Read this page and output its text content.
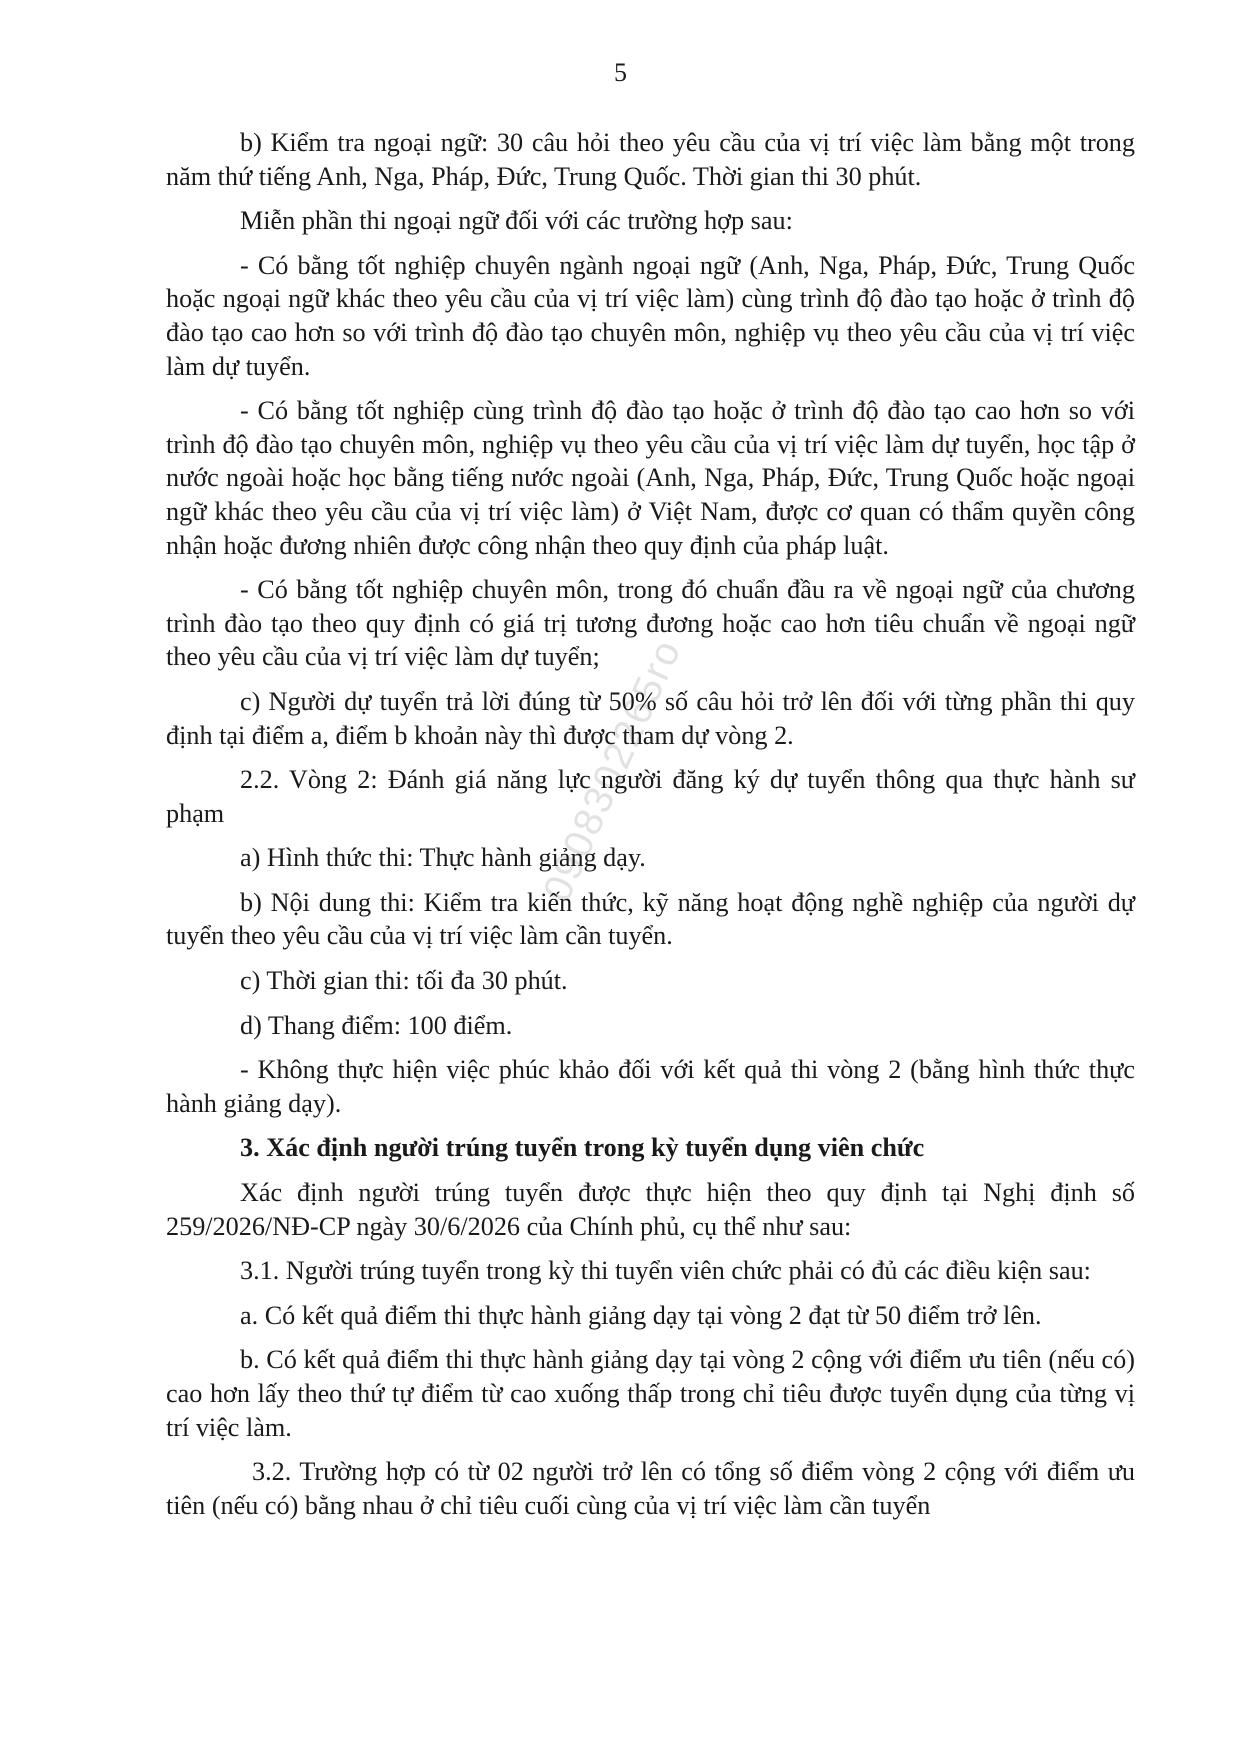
5
0908302265ro

b) Kiểm tra ngoại ngữ: 30 câu hỏi theo yêu cầu của vị trí việc làm bằng một trong năm thứ tiếng Anh, Nga, Pháp, Đức, Trung Quốc. Thời gian thi 30 phút.

Miễn phần thi ngoại ngữ đối với các trường hợp sau:

- Có bằng tốt nghiệp chuyên ngành ngoại ngữ (Anh, Nga, Pháp, Đức, Trung Quốc hoặc ngoại ngữ khác theo yêu cầu của vị trí việc làm) cùng trình độ đào tạo hoặc ở trình độ đào tạo cao hơn so với trình độ đào tạo chuyên môn, nghiệp vụ theo yêu cầu của vị trí việc làm dự tuyển.

- Có bằng tốt nghiệp cùng trình độ đào tạo hoặc ở trình độ đào tạo cao hơn so với trình độ đào tạo chuyên môn, nghiệp vụ theo yêu cầu của vị trí việc làm dự tuyển, học tập ở nước ngoài hoặc học bằng tiếng nước ngoài (Anh, Nga, Pháp, Đức, Trung Quốc hoặc ngoại ngữ khác theo yêu cầu của vị trí việc làm) ở Việt Nam, được cơ quan có thẩm quyền công nhận hoặc đương nhiên được công nhận theo quy định của pháp luật.

- Có bằng tốt nghiệp chuyên môn, trong đó chuẩn đầu ra về ngoại ngữ của chương trình đào tạo theo quy định có giá trị tương đương hoặc cao hơn tiêu chuẩn về ngoại ngữ theo yêu cầu của vị trí việc làm dự tuyển;

c) Người dự tuyển trả lời đúng từ 50% số câu hỏi trở lên đối với từng phần thi quy định tại điểm a, điểm b khoản này thì được tham dự vòng 2.

2.2. Vòng 2: Đánh giá năng lực người đăng ký dự tuyển thông qua thực hành sư phạm

a) Hình thức thi: Thực hành giảng dạy.

b) Nội dung thi: Kiểm tra kiến thức, kỹ năng hoạt động nghề nghiệp của người dự tuyển theo yêu cầu của vị trí việc làm cần tuyển.

c) Thời gian thi: tối đa 30 phút.

d) Thang điểm: 100 điểm.

- Không thực hiện việc phúc khảo đối với kết quả thi vòng 2 (bằng hình thức thực hành giảng dạy).

3. Xác định người trúng tuyển trong kỳ tuyển dụng viên chức

Xác định người trúng tuyển được thực hiện theo quy định tại Nghị định số 259/2026/NĐ-CP ngày 30/6/2026 của Chính phủ, cụ thể như sau:

3.1. Người trúng tuyển trong kỳ thi tuyển viên chức phải có đủ các điều kiện sau:

a. Có kết quả điểm thi thực hành giảng dạy tại vòng 2 đạt từ 50 điểm trở lên.

b. Có kết quả điểm thi thực hành giảng dạy tại vòng 2 cộng với điểm ưu tiên (nếu có) cao hơn lấy theo thứ tự điểm từ cao xuống thấp trong chỉ tiêu được tuyển dụng của từng vị trí việc làm.

3.2. Trường hợp có từ 02 người trở lên có tổng số điểm vòng 2 cộng với điểm ưu tiên (nếu có) bằng nhau ở chỉ tiêu cuối cùng của vị trí việc làm cần tuyển
